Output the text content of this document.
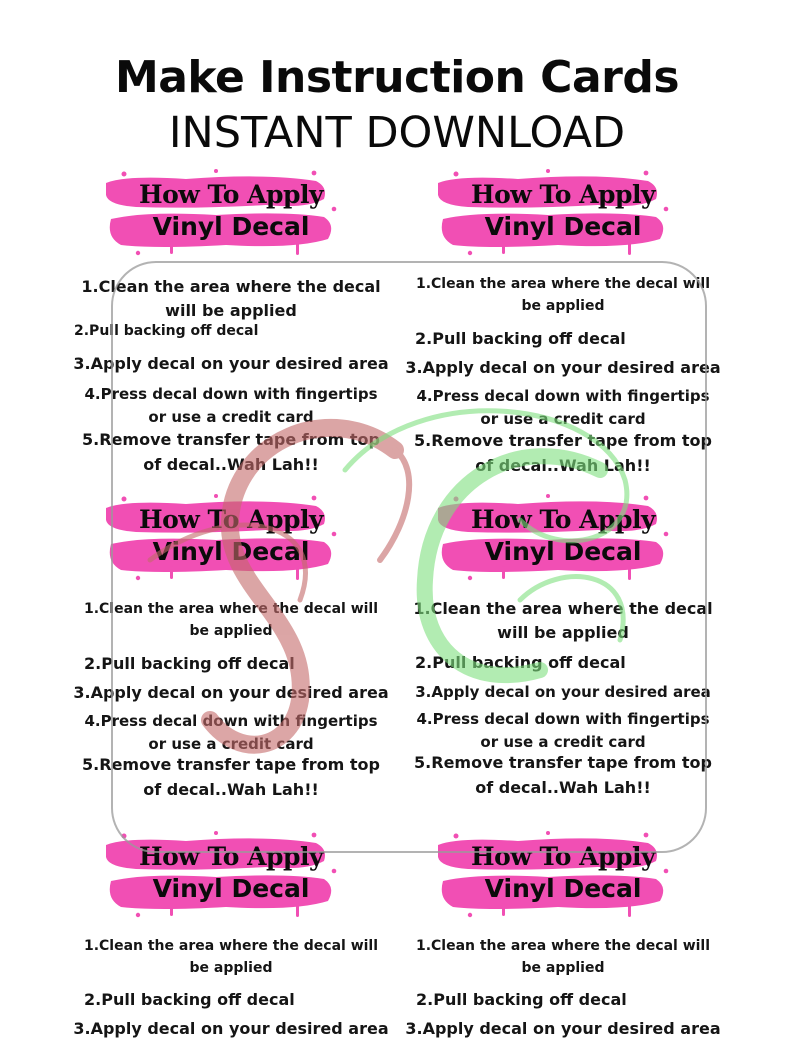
Make Instruction Cards
INSTANT DOWNLOAD
How To Apply
Vinyl Decal
1.Clean the area where the decal
will be applied
2.Pull backing off decal
3.Apply decal on your desired area
4.Press decal down with fingertips
or use a credit card
5.Remove transfer tape from top
of decal..Wah Lah!!
How To Apply
Vinyl Decal
1.Clean the area where the decal will
be applied
2.Pull backing off decal
3.Apply decal on your desired area
4.Press decal down with fingertips
or use a credit card
5.Remove transfer tape from top
of decal..Wah Lah!!
How To Apply
Vinyl Decal
1.Clean the area where the decal will
be applied
2.Pull backing off decal
3.Apply decal on your desired area
4.Press decal down with fingertips
or use a credit card
5.Remove transfer tape from top
of decal..Wah Lah!!
How To Apply
Vinyl Decal
1.Clean the area where the decal
will be applied
2.Pull backing off decal
3.Apply decal on your desired area
4.Press decal down with fingertips
or use a credit card
5.Remove transfer tape from top
of decal..Wah Lah!!
How To Apply
Vinyl Decal
1.Clean the area where the decal will
be applied
2.Pull backing off decal
3.Apply decal on your desired area
How To Apply
Vinyl Decal
1.Clean the area where the decal will
be applied
2.Pull backing off decal
3.Apply decal on your desired area
